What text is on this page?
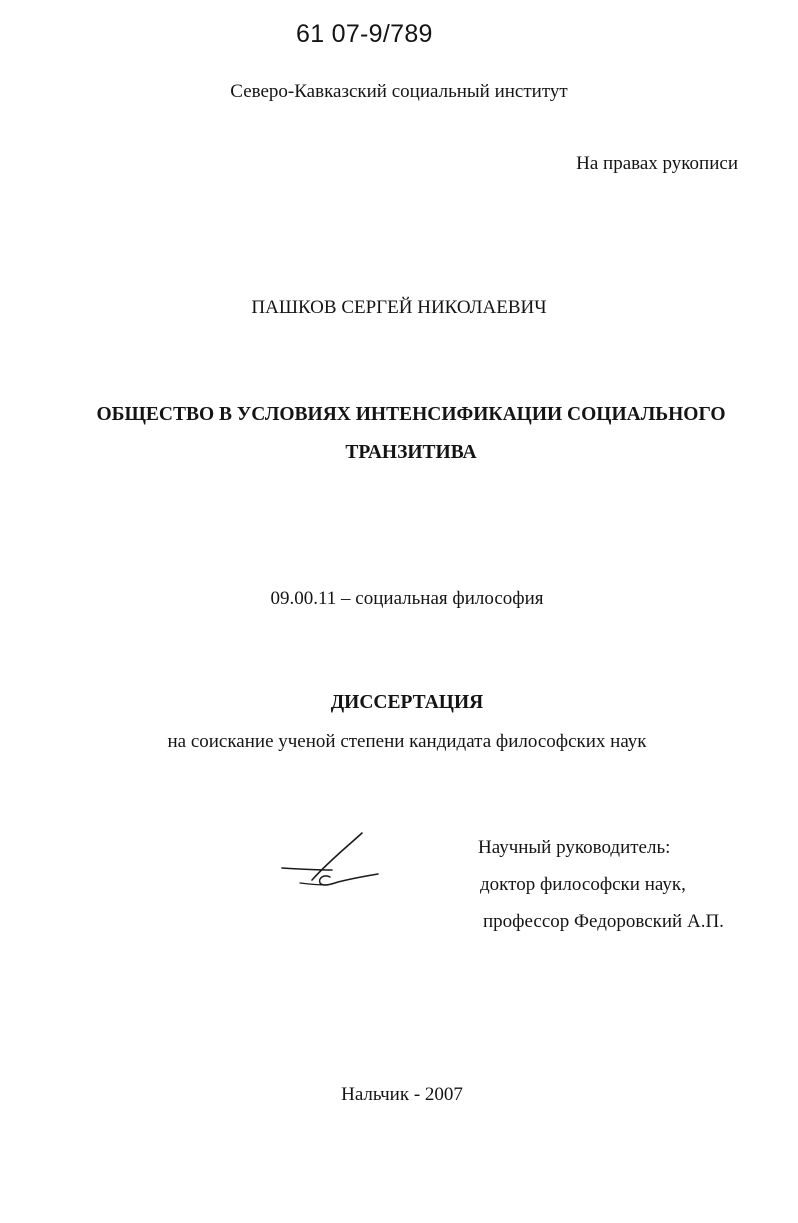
61 07-9/789
Северо-Кавказский социальный институт
На правах рукописи
ПАШКОВ СЕРГЕЙ НИКОЛАЕВИЧ
ОБЩЕСТВО В УСЛОВИЯХ ИНТЕНСИФИКАЦИИ СОЦИАЛЬНОГО
ТРАНЗИТИВА
09.00.11 – социальная философия
ДИССЕРТАЦИЯ
на соискание ученой степени кандидата философских наук
Научный руководитель:
доктор философски наук,
профессор Федоровский А.П.
Нальчик - 2007
